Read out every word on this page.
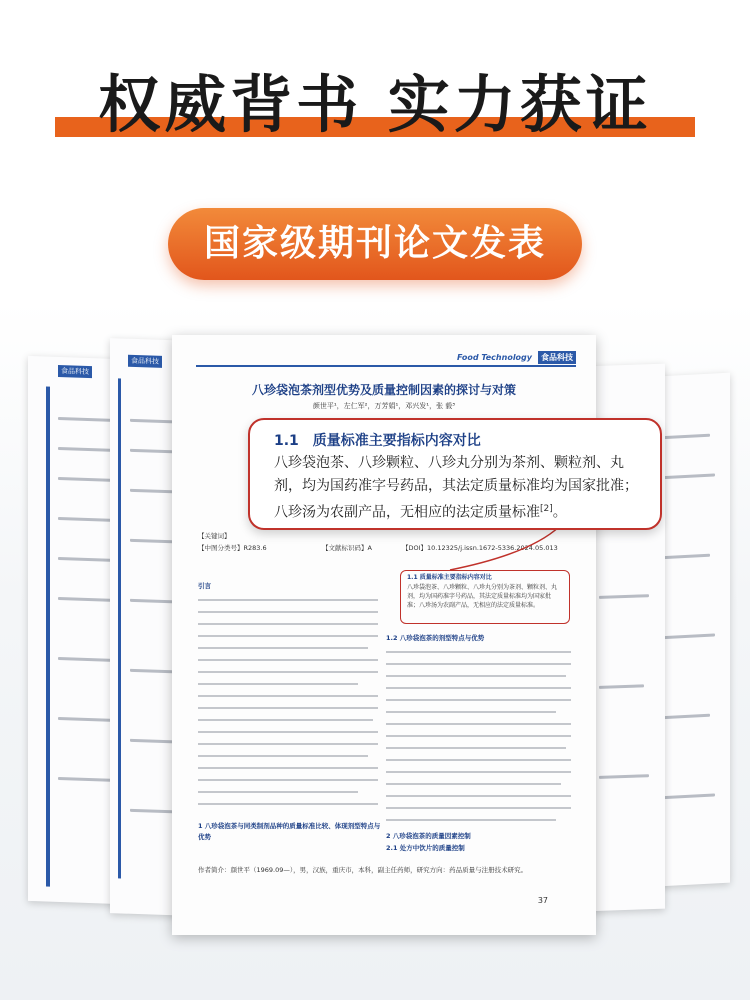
权威背书 实力获证
国家级期刊论文发表
食品科技
食品科技	Food Technology	食品科技
八珍袋泡茶剂型优势及质量控制因素的探讨与对策
颜世平¹，左仁军²，万芳娟¹，邓兴发¹，张 毅³
【关键词】
【中图分类号】R283.6	【文献标识码】A	【DOI】10.12325/j.issn.1672-5336.2024.05.013
引言
1 八珍袋泡茶与同类制剂品种的质量标准比较、体现剂型特点与优势
1.2 八珍袋泡茶的剂型特点与优势
2 八珍袋泡茶的质量因素控制
2.1 处方中饮片的质量控制
作者简介：颜世平（1969.09—），男，汉族，重庆市，本科，副主任药师，研究方向：药品质量与注册技术研究。
37
1.1 质量标准主要指标内容对比
八珍袋泡茶、八珍颗粒、八珍丸分别为茶剂、颗粒剂、丸剂，均为国药准字号药品，其法定质量标准均为国家批准；八珍汤为农副产品，无相应的法定质量标准。
1.1　质量标准主要指标内容对比
八珍袋泡茶、八珍颗粒、八珍丸分别为茶剂、颗粒剂、丸剂，均为国药准字号药品，其法定质量标准均为国家批准；八珍汤为农副产品，无相应的法定质量标准[2]。
